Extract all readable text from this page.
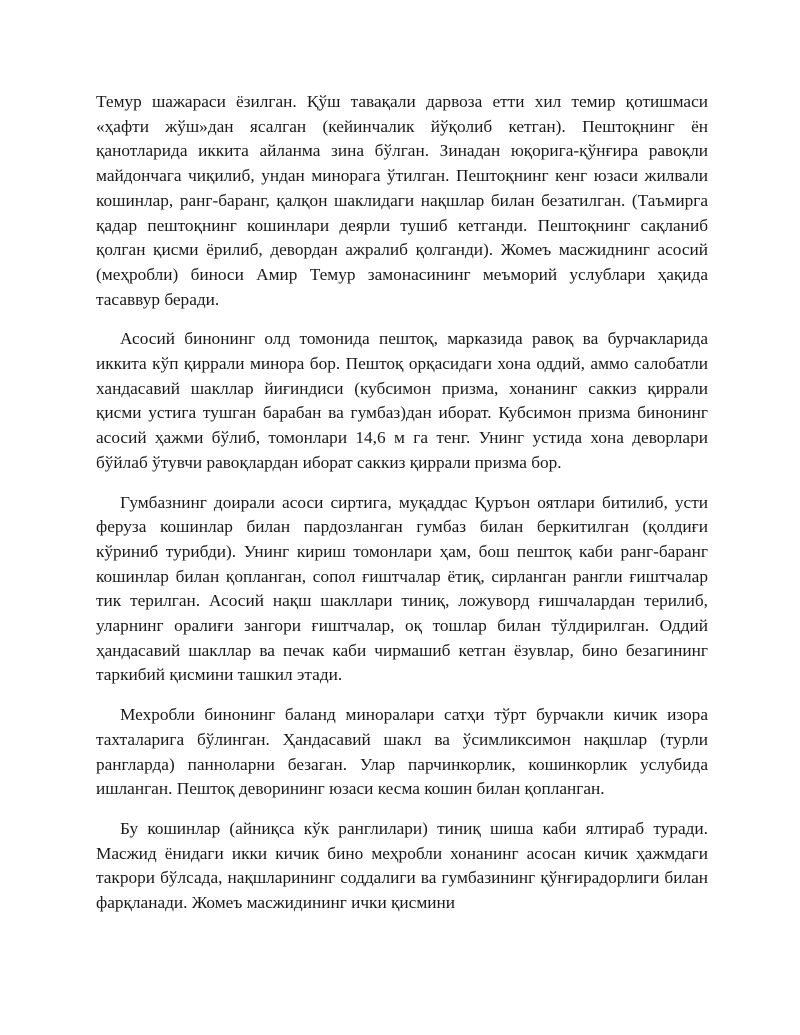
Темур шажараси ёзилган. Қўш тавақали дарвоза етти хил темир қотишмаси «ҳафти жўш»дан ясалган (кейинчалик йўқолиб кетган). Пештоқнинг ён қанотларида иккита айланма зина бўлган. Зинадан юқорига-қўнғира равоқли майдончага чиқилиб, ундан минорага ўтилган. Пештоқнинг кенг юзаси жилвали кошинлар, ранг-баранг, қалқон шаклидаги нақшлар билан безатилган. (Таъмирга қадар пештоқнинг кошинлари деярли тушиб кетганди. Пештоқнинг сақланиб қолган қисми ёрилиб, девордан ажралиб қолганди). Жомеъ масжиднинг асосий (меҳробли) биноси Амир Темур замонасининг меъморий услублари ҳақида тасаввур беради.

Асосий бинонинг олд томонида пештоқ, марказида равоқ ва бурчакларида иккита кўп қиррали минора бор. Пештоқ орқасидаги хона оддий, аммо салобатли хандасавий шакллар йиғиндиси (кубсимон призма, хонанинг саккиз қиррали қисми устига тушган барабан ва гумбаз)дан иборат. Кубсимон призма бинонинг асосий ҳажми бўлиб, томонлари 14,6 м га тенг. Унинг устида хона деворлари бўйлаб ўтувчи равоқлардан иборат саккиз қиррали призма бор.

Гумбазнинг доирали асоси сиртига, муқаддас Қуръон оятлари битилиб, усти феруза кошинлар билан пардозланган гумбаз билан беркитилган (қолдиғи кўриниб турибди). Унинг кириш томонлари ҳам, бош пештоқ каби ранг-баранг кошинлар билан қопланган, сопол ғиштчалар ётиқ, сирланган рангли ғиштчалар тик терилган. Асосий нақш шакллари тиниқ, ложуворд ғишчалардан терилиб, уларнинг оралиғи зангори ғиштчалар, оқ тошлар билан тўлдирилган. Оддий ҳандасавий шакллар ва печак каби чирмашиб кетган ёзувлар, бино безагининг таркибий қисмини ташкил этади.

Мехробли бинонинг баланд миноралари сатҳи тўрт бурчакли кичик изора тахталарига бўлинган. Ҳандасавий шакл ва ўсимликсимон нақшлар (турли рангларда) панноларни безаган. Улар парчинкорлик, кошинкорлик услубида ишланган. Пештоқ деворининг юзаси кесма кошин билан қопланган.

Бу кошинлар (айниқса кўк ранглилари) тиниқ шиша каби ялтираб туради. Масжид ёнидаги икки кичик бино меҳробли хонанинг асосан кичик ҳажмдаги такрори бўлсада, нақшларининг соддалиги ва гумбазининг қўнғирадорлиги билан фарқланади. Жомеъ масжидининг ички қисмини
